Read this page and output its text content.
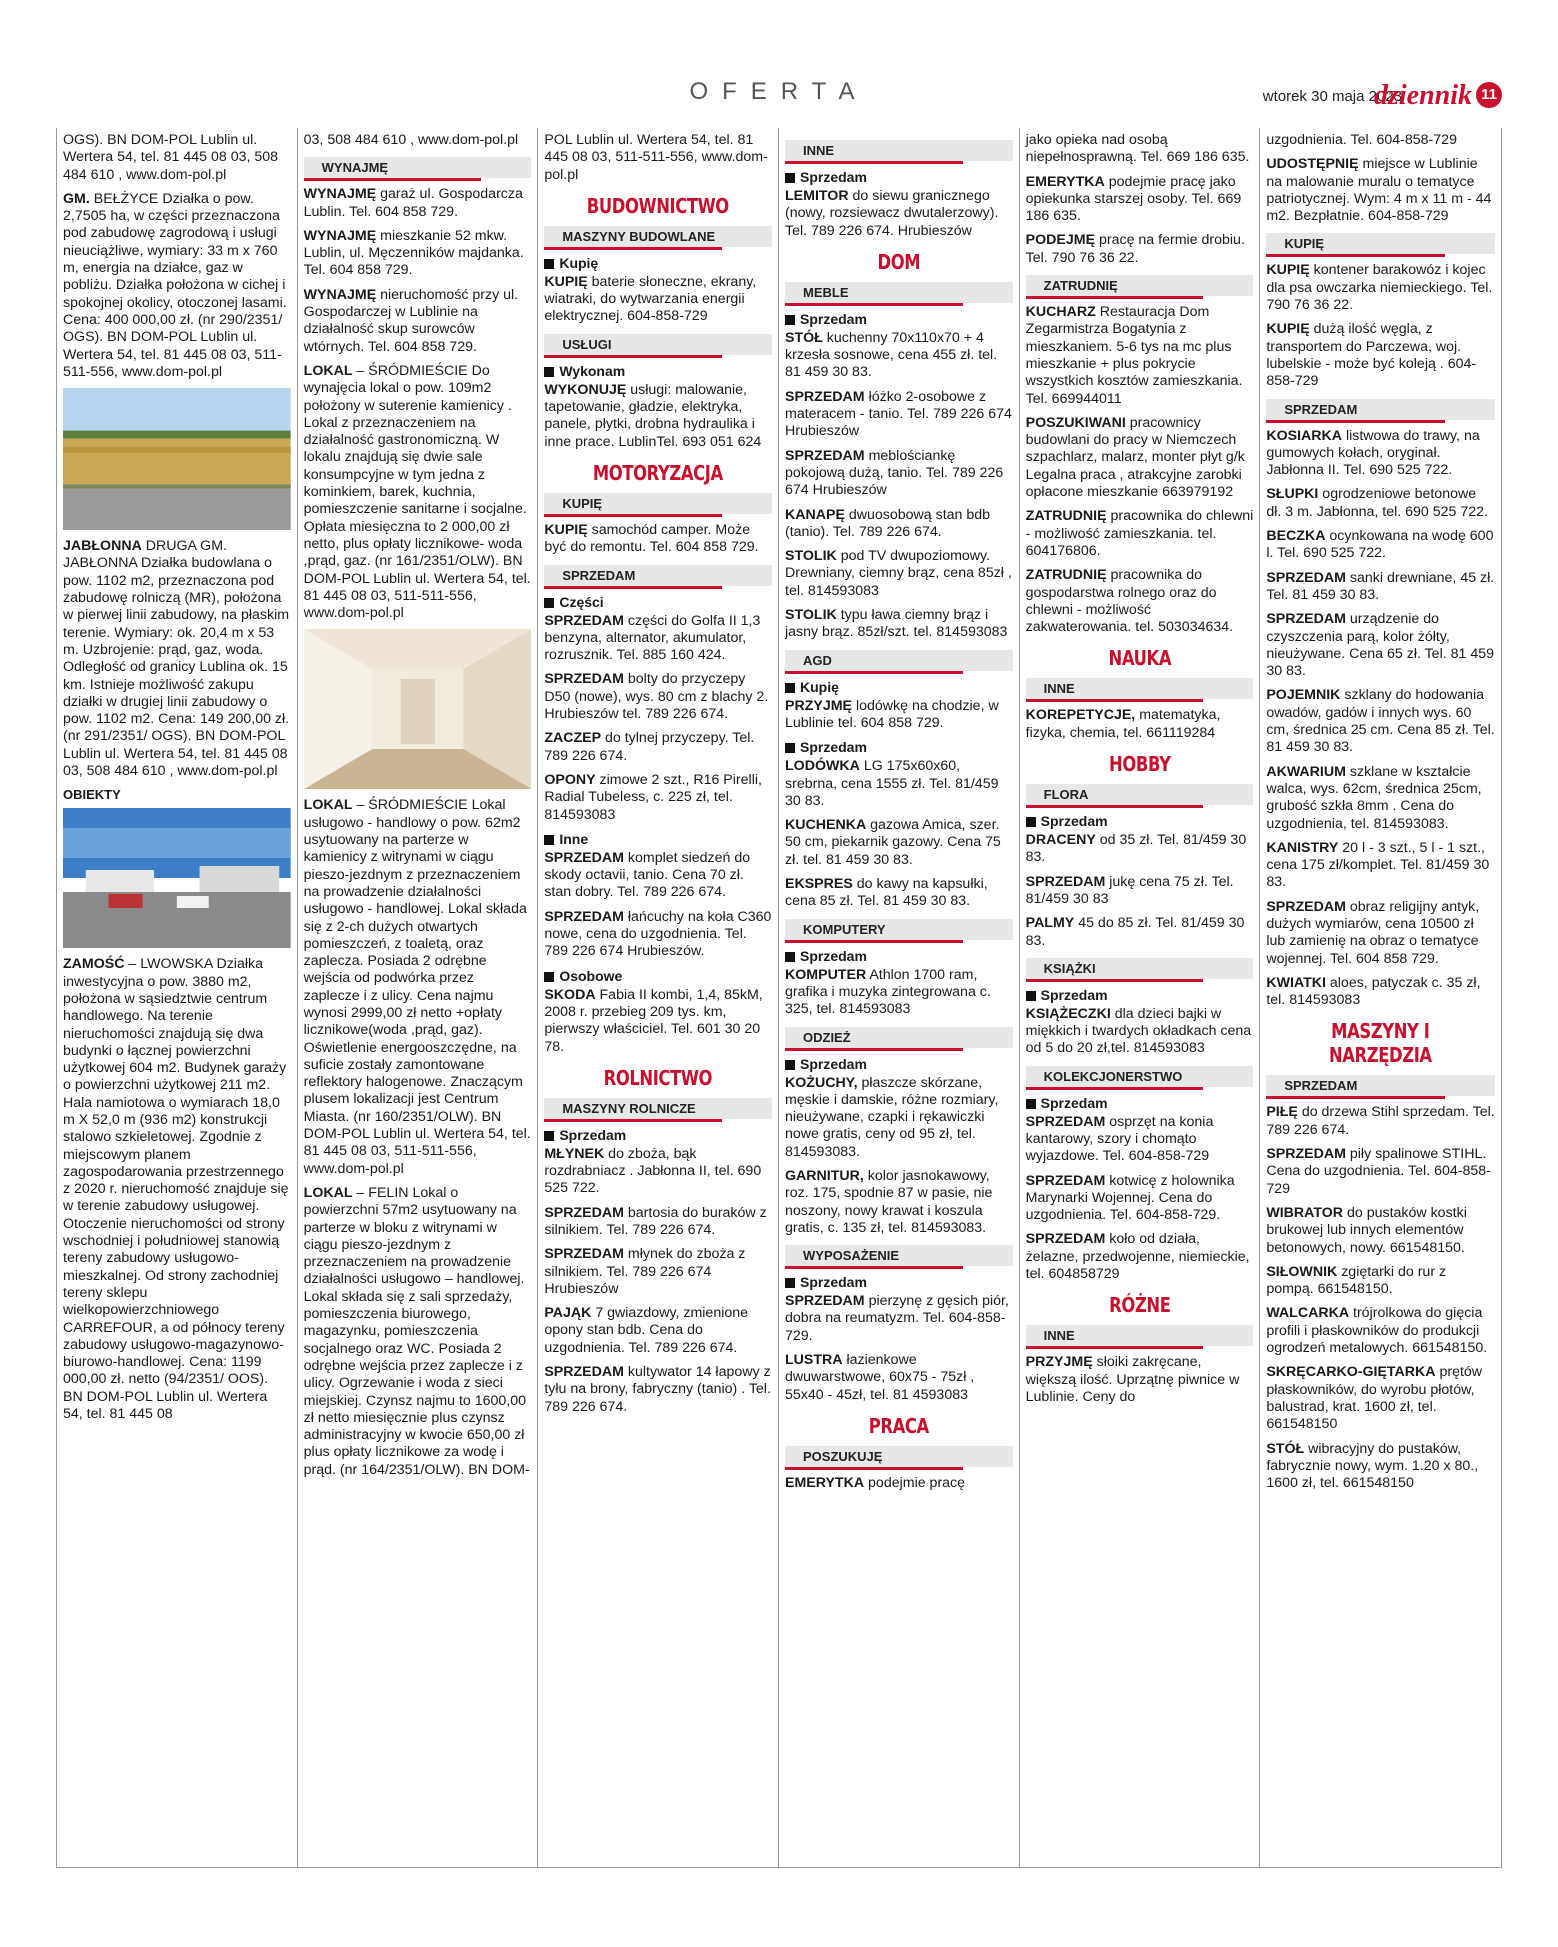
OFERTA	wtorek 30 maja 2023
dziennik 11

OGS). BN DOM-POL Lublin ul. Wertera 54, tel. 81 445 08 03, 508 484 610 , www.dom-pol.pl

GM. BEŁŻYCE Działka o pow. 2,7505 ha, w części przeznaczona pod zabudowę zagrodową i usługi nieuciążliwe, wymiary: 33 m x 760 m, energia na działce, gaz w pobliżu. Działka położona w cichej i spokojnej okolicy, otoczonej lasami. Cena: 400 000,00 zł. (nr 290/2351/ OGS). BN DOM-POL Lublin ul. Wertera 54, tel. 81 445 08 03, 511-511-556, www.dom-pol.pl

JABŁONNA DRUGA GM. JABŁONNA Działka budowlana o pow. 1102 m2, przeznaczona pod zabudowę rolniczą (MR), położona w pierwej linii zabudowy, na płaskim terenie. Wymiary: ok. 20,4 m x 53 m. Uzbrojenie: prąd, gaz, woda. Odległość od granicy Lublina ok. 15 km. Istnieje możliwość zakupu działki w drugiej linii zabudowy o pow. 1102 m2. Cena: 149 200,00 zł. (nr 291/2351/ OGS). BN DOM-POL Lublin ul. Wertera 54, tel. 81 445 08 03, 508 484 610 , www.dom-pol.pl

OBIEKTY

ZAMOŚĆ – LWOWSKA Działka inwestycyjna o pow. 3880 m2, położona w sąsiedztwie centrum handlowego. Na terenie nieruchomości znajdują się dwa budynki o łącznej powierzchni użytkowej 604 m2. Budynek garaży o powierzchni użytkowej 211 m2. Hala namiotowa o wymiarach 18,0 m X 52,0 m (936 m2) konstrukcji stalowo szkieletowej. Zgodnie z miejscowym planem zagospodarowania przestrzennego z 2020 r. nieruchomość znajduje się w terenie zabudowy usługowej. Otoczenie nieruchomości od strony wschodniej i południowej stanowią tereny zabudowy usługowo-mieszkalnej. Od strony zachodniej tereny sklepu wielkopowierzchniowego CARREFOUR, a od północy tereny zabudowy usługowo-magazynowo-biurowo-handlowej. Cena: 1199 000,00 zł. netto (94/2351/ OOS). BN DOM-POL Lublin ul. Wertera 54, tel. 81 445 08

03, 508 484 610 , www.dom-pol.pl

WYNAJMĘ

WYNAJMĘ garaż ul. Gospodarcza Lublin. Tel. 604 858 729.

WYNAJMĘ mieszkanie 52 mkw. Lublin, ul. Męczenników majdanka. Tel. 604 858 729.

WYNAJMĘ nieruchomość przy ul. Gospodarczej w Lublinie na działalność skup surowców wtórnych. Tel. 604 858 729.

LOKAL – ŚRÓDMIEŚCIE Do wynajęcia lokal o pow. 109m2 położony w suterenie kamienicy . Lokal z przeznaczeniem na działalność gastronomiczną. W lokalu znajdują się dwie sale konsumpcyjne w tym jedna z kominkiem, barek, kuchnia, pomieszczenie sanitarne i socjalne. Opłata miesięczna to 2 000,00 zł netto, plus opłaty licznikowe- woda ,prąd, gaz. (nr 161/2351/OLW). BN DOM-POL Lublin ul. Wertera 54, tel. 81 445 08 03, 511-511-556, www.dom-pol.pl

LOKAL – ŚRÓDMIEŚCIE Lokal usługowo - handlowy o pow. 62m2 usytuowany na parterze w kamienicy z witrynami w ciągu pieszo-jezdnym z przeznaczeniem na prowadzenie działalności usługowo - handlowej. Lokal składa się z 2-ch dużych otwartych pomieszczeń, z toaletą, oraz zaplecza. Posiada 2 odrębne wejścia od podwórka przez zaplecze i z ulicy. Cena najmu wynosi 2999,00 zł netto +opłaty licznikowe(woda ,prąd, gaz). Oświetlenie energooszczędne, na suficie zostały zamontowane reflektory halogenowe. Znaczącym plusem lokalizacji jest Centrum Miasta. (nr 160/2351/OLW). BN DOM-POL Lublin ul. Wertera 54, tel. 81 445 08 03, 511-511-556, www.dom-pol.pl

LOKAL – FELIN Lokal o powierzchni 57m2 usytuowany na parterze w bloku z witrynami w ciągu pieszo-jezdnym z przeznaczeniem na prowadzenie działalności usługowo – handlowej. Lokal składa się z sali sprzedaży, pomieszczenia biurowego, magazynku, pomieszczenia socjalnego oraz WC. Posiada 2 odrębne wejścia przez zaplecze i z ulicy. Ogrzewanie i woda z sieci miejskiej. Czynsz najmu to 1600,00 zł netto miesięcznie plus czynsz administracyjny w kwocie 650,00 zł plus opłaty licznikowe za wodę i prąd. (nr 164/2351/OLW). BN DOM-

POL Lublin ul. Wertera 54, tel. 81 445 08 03, 511-511-556, www.dom-pol.pl

BUDOWNICTWO
MASZYNY BUDOWLANE
Kupię

KUPIĘ baterie słoneczne, ekrany, wiatraki, do wytwarzania energii elektrycznej. 604-858-729

USŁUGI
Wykonam

WYKONUJĘ usługi: malowanie, tapetowanie, gładzie, elektryka, panele, płytki, drobna hydraulika i inne prace. LublinTel. 693 051 624

MOTORYZACJA
KUPIĘ

KUPIĘ samochód camper. Może być do remontu. Tel. 604 858 729.

SPRZEDAM
Części

SPRZEDAM części do Golfa II 1,3 benzyna, alternator, akumulator, rozrusznik. Tel. 885 160 424.

SPRZEDAM bolty do przyczepy D50 (nowe), wys. 80 cm z blachy 2. Hrubieszów tel. 789 226 674.

ZACZEP do tylnej przyczepy. Tel. 789 226 674.

OPONY zimowe 2 szt., R16 Pirelli, Radial Tubeless, c. 225 zł, tel. 814593083

Inne

SPRZEDAM komplet siedzeń do skody octavii, tanio. Cena 70 zł. stan dobry. Tel. 789 226 674.

SPRZEDAM łańcuchy na koła C360 nowe, cena do uzgodnienia. Tel. 789 226 674 Hrubieszów.

Osobowe

SKODA Fabia II kombi, 1,4, 85kM, 2008 r. przebieg 209 tys. km, pierwszy właściciel. Tel. 601 30 20 78.

ROLNICTWO
MASZYNY ROLNICZE
Sprzedam

MŁYNEK do zboża, bąk rozdrabniacz . Jabłonna II, tel. 690 525 722.

SPRZEDAM bartosia do buraków z silnikiem. Tel. 789 226 674.

SPRZEDAM młynek do zboża z silnikiem. Tel. 789 226 674 Hrubieszów

PAJĄK 7 gwiazdowy, zmienione opony stan bdb. Cena do uzgodnienia. Tel. 789 226 674.

SPRZEDAM kultywator 14 łapowy z tyłu na brony, fabryczny (tanio) . Tel. 789 226 674.

INNE
Sprzedam

LEMITOR do siewu granicznego (nowy, rozsiewacz dwutalerzowy). Tel. 789 226 674. Hrubieszów

DOM
MEBLE
Sprzedam

STÓŁ kuchenny 70x110x70 + 4 krzesła sosnowe, cena 455 zł. tel. 81 459 30 83.

SPRZEDAM łóżko 2-osobowe z materacem - tanio. Tel. 789 226 674 Hrubieszów

SPRZEDAM meblościankę pokojową dużą, tanio. Tel. 789 226 674 Hrubieszów

KANAPĘ dwuosobową stan bdb (tanio). Tel. 789 226 674.

STOLIK pod TV dwupoziomowy. Drewniany, ciemny brąz, cena 85zł , tel. 814593083

STOLIK typu ława ciemny brąz i jasny brąz. 85zł/szt. tel. 814593083

AGD
Kupię

PRZYJMĘ lodówkę na chodzie, w Lublinie tel. 604 858 729.

Sprzedam

LODÓWKA LG 175x60x60, srebrna, cena 1555 zł. Tel. 81/459 30 83.

KUCHENKA gazowa Amica, szer. 50 cm, piekarnik gazowy. Cena 75 zł. tel. 81 459 30 83.

EKSPRES do kawy na kapsułki, cena 85 zł. Tel. 81 459 30 83.

KOMPUTERY
Sprzedam

KOMPUTER Athlon 1700 ram, grafika i muzyka zintegrowana c. 325, tel. 814593083

ODZIEŻ
Sprzedam

KOŻUCHY, płaszcze skórzane, męskie i damskie, różne rozmiary, nieużywane, czapki i rękawiczki nowe gratis, ceny od 95 zł, tel. 814593083.

GARNITUR, kolor jasnokawowy, roz. 175, spodnie 87 w pasie, nie noszony, nowy krawat i koszula gratis, c. 135 zł, tel. 814593083.

WYPOSAŻENIE
Sprzedam

SPRZEDAM pierzynę z gęsich piór, dobra na reumatyzm. Tel. 604-858-729.

LUSTRA łazienkowe dwuwarstwowe, 60x75 - 75zł , 55x40 - 45zł, tel. 81 4593083

PRACA
POSZUKUJĘ

EMERYTKA podejmie pracę

jako opieka nad osobą niepełnosprawną. Tel. 669 186 635.

EMERYTKA podejmie pracę jako opiekunka starszej osoby. Tel. 669 186 635.

PODEJMĘ pracę na fermie drobiu. Tel. 790 76 36 22.

ZATRUDNIĘ

KUCHARZ Restauracja Dom Zegarmistrza Bogatynia z mieszkaniem. 5-6 tys na mc plus mieszkanie + plus pokrycie wszystkich kosztów zamieszkania. Tel. 669944011

POSZUKIWANI pracownicy budowlani do pracy w Niemczech szpachlarz, malarz, monter płyt g/k Legalna praca , atrakcyjne zarobki opłacone mieszkanie 663979192

ZATRUDNIĘ pracownika do chlewni - możliwość zamieszkania. tel. 604176806.

ZATRUDNIĘ pracownika do gospodarstwa rolnego oraz do chlewni - możliwość zakwaterowania. tel. 503034634.

NAUKA
INNE

KOREPETYCJE, matematyka, fizyka, chemia, tel. 661119284

HOBBY
FLORA
Sprzedam

DRACENY od 35 zł. Tel. 81/459 30 83.

SPRZEDAM jukę cena 75 zł. Tel. 81/459 30 83

PALMY 45 do 85 zł. Tel. 81/459 30 83.

KSIĄŻKI
Sprzedam

KSIĄŻECZKI dla dzieci bajki w miękkich i twardych okładkach cena od 5 do 20 zł,tel. 814593083

KOLEKCJONERSTWO
Sprzedam

SPRZEDAM osprzęt na konia kantarowy, szory i chomąto wyjazdowe. Tel. 604-858-729

SPRZEDAM kotwicę z holownika Marynarki Wojennej. Cena do uzgodnienia. Tel. 604-858-729.

SPRZEDAM koło od działa, żelazne, przedwojenne, niemieckie, tel. 604858729

RÓŻNE
INNE

PRZYJMĘ słoiki zakręcane, większą ilość. Uprzątnę piwnice w Lublinie. Ceny do

uzgodnienia. Tel. 604-858-729

UDOSTĘPNIĘ miejsce w Lublinie na malowanie muralu o tematyce patriotycznej. Wym: 4 m x 11 m - 44 m2. Bezpłatnie. 604-858-729

KUPIĘ

KUPIĘ kontener barakowóz i kojec dla psa owczarka niemieckiego. Tel. 790 76 36 22.

KUPIĘ dużą ilość węgla, z transportem do Parczewa, woj. lubelskie - może być koleją . 604-858-729

SPRZEDAM

KOSIARKA listwowa do trawy, na gumowych kołach, oryginał. Jabłonna II. Tel. 690 525 722.

SŁUPKI ogrodzeniowe betonowe dł. 3 m. Jabłonna, tel. 690 525 722.

BECZKA ocynkowana na wodę 600 l. Tel. 690 525 722.

SPRZEDAM sanki drewniane, 45 zł. Tel. 81 459 30 83.

SPRZEDAM urządzenie do czyszczenia parą, kolor żółty, nieużywane. Cena 65 zł. Tel. 81 459 30 83.

POJEMNIK szklany do hodowania owadów, gadów i innych wys. 60 cm, średnica 25 cm. Cena 85 zł. Tel. 81 459 30 83.

AKWARIUM szklane w kształcie walca, wys. 62cm, średnica 25cm, grubość szkła 8mm . Cena do uzgodnienia, tel. 814593083.

KANISTRY 20 l - 3 szt., 5 l - 1 szt., cena 175 zł/komplet. Tel. 81/459 30 83.

SPRZEDAM obraz religijny antyk, dużych wymiarów, cena 10500 zł lub zamienię na obraz o tematyce wojennej. Tel. 604 858 729.

KWIATKI aloes, patyczak c. 35 zł, tel. 814593083

MASZYNY I NARZĘDZIA
SPRZEDAM

PIŁĘ do drzewa Stihl sprzedam. Tel. 789 226 674.

SPRZEDAM piły spalinowe STIHL. Cena do uzgodnienia. Tel. 604-858-729

WIBRATOR do pustaków kostki brukowej lub innych elementów betonowych, nowy. 661548150.

SIŁOWNIK zgiętarki do rur z pompą. 661548150.

WALCARKA trójrolkowa do gięcia profili i płaskowników do produkcji ogrodzeń metalowych. 661548150.

SKRĘCARKO-GIĘTARKA prętów płaskowników, do wyrobu płotów, balustrad, krat. 1600 zł, tel. 661548150

STÓŁ wibracyjny do pustaków, fabrycznie nowy, wym. 1.20 x 80., 1600 zł, tel. 661548150
